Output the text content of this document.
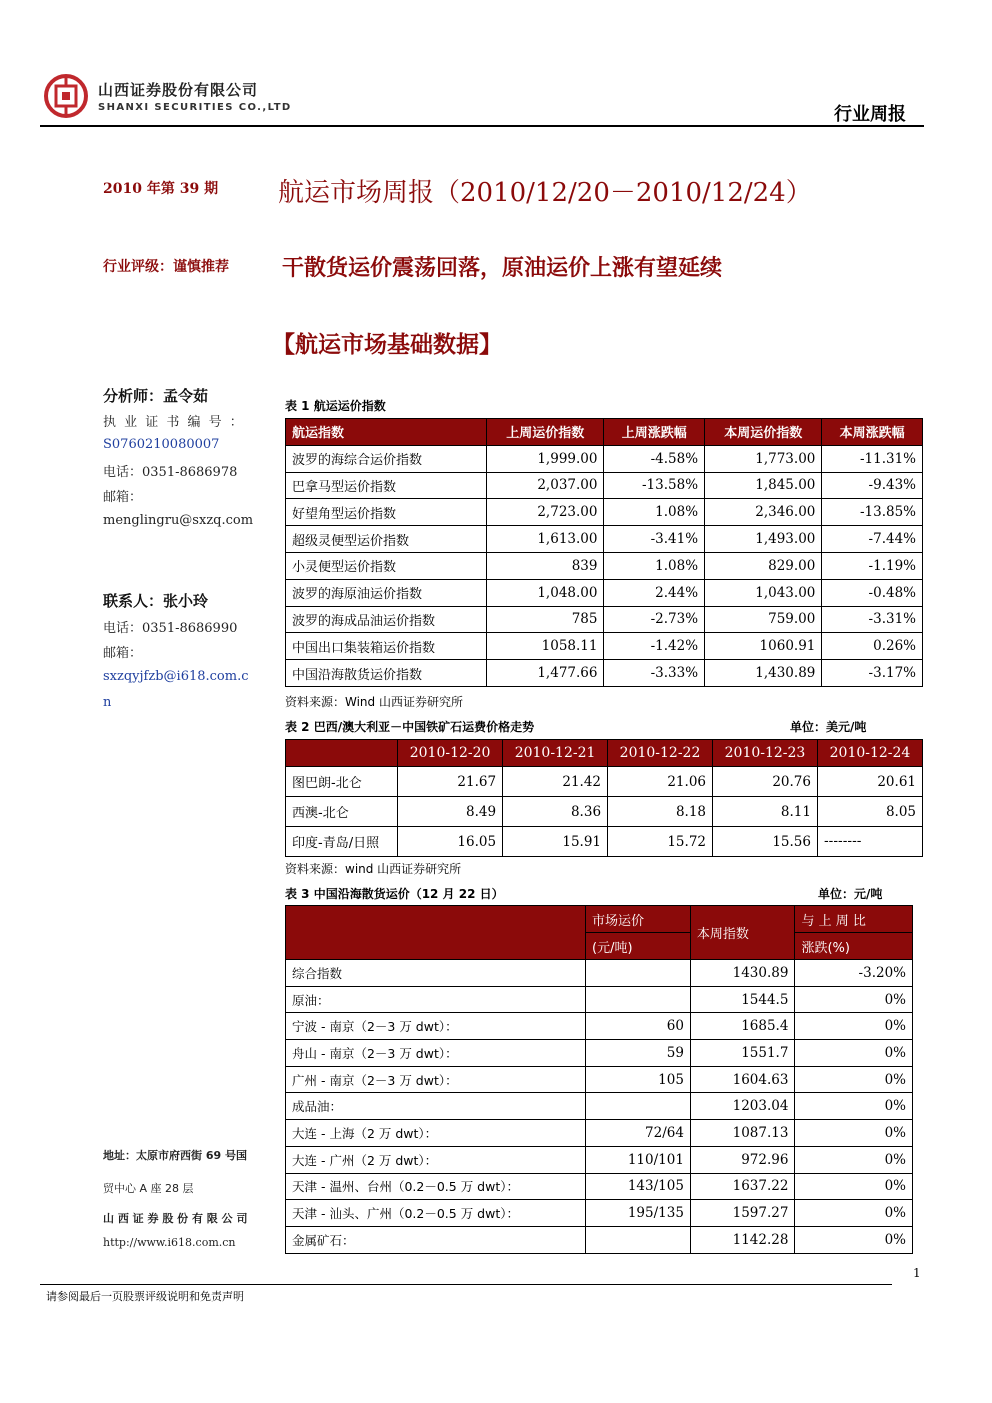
山西证券股份有限公司
SHANXI SECURITIES CO.,LTD	行业周报
2010 年第 39 期 航运市场周报（2010/12/20－2010/12/24）
行业评级：谨慎推荐 干散货运价震荡回落，原油运价上涨有望延续
【航运市场基础数据】
分析师：孟令茹
执 业 证 书 编 号 ：
S0760210080007
电话：0351-8686978
邮箱：
menglingru@sxzq.com
联系人：张小玲
电话：0351-8686990
邮箱：
sxzqyjfzb@i618.com.c
n
地址：太原市府西街 69 号国
贸中心 A 座 28 层
山 西 证 券 股 份 有 限 公 司
http://www.i618.com.cn
表 1 航运运价指数
航运指数	上周运价指数	上周涨跌幅	本周运价指数	本周涨跌幅
波罗的海综合运价指数	1,999.00	-4.58%	1,773.00	-11.31%
巴拿马型运价指数	2,037.00	-13.58%	1,845.00	-9.43%
好望角型运价指数	2,723.00	1.08%	2,346.00	-13.85%
超级灵便型运价指数	1,613.00	-3.41%	1,493.00	-7.44%
小灵便型运价指数	839	1.08%	829.00	-1.19%
波罗的海原油运价指数	1,048.00	2.44%	1,043.00	-0.48%
波罗的海成品油运价指数	785	-2.73%	759.00	-3.31%
中国出口集装箱运价指数	1058.11	-1.42%	1060.91	0.26%
中国沿海散货运价指数	1,477.66	-3.33%	1,430.89	-3.17%
资料来源：Wind 山西证券研究所
表 2 巴西/澳大利亚－中国铁矿石运费价格走势	单位：美元/吨
	2010-12-20	2010-12-21	2010-12-22	2010-12-23	2010-12-24
图巴朗-北仑	21.67	21.42	21.06	20.76	20.61
西澳-北仑	8.49	8.36	8.18	8.11	8.05
印度-青岛/日照	16.05	15.91	15.72	15.56	--------
资料来源：wind 山西证券研究所
表 3 中国沿海散货运价（12 月 22 日）	单位：元/吨
	市场运价	本周指数	与 上 周 比
	(元/吨)		涨跌(%)
综合指数		1430.89	-3.20%
原油：		1544.5	0%
宁波 - 南京（2－3 万 dwt）：	60	1685.4	0%
舟山 - 南京（2－3 万 dwt）：	59	1551.7	0%
广州 - 南京（2－3 万 dwt）：	105	1604.63	0%
成品油：		1203.04	0%
大连 - 上海（2 万 dwt）：	72/64	1087.13	0%
大连 - 广州（2 万 dwt）：	110/101	972.96	0%
天津 - 温州、台州（0.2－0.5 万 dwt）：	143/105	1637.22	0%
天津 - 汕头、广州（0.2－0.5 万 dwt）：	195/135	1597.27	0%
金属矿石：		1142.28	0%
1
请参阅最后一页股票评级说明和免责声明
